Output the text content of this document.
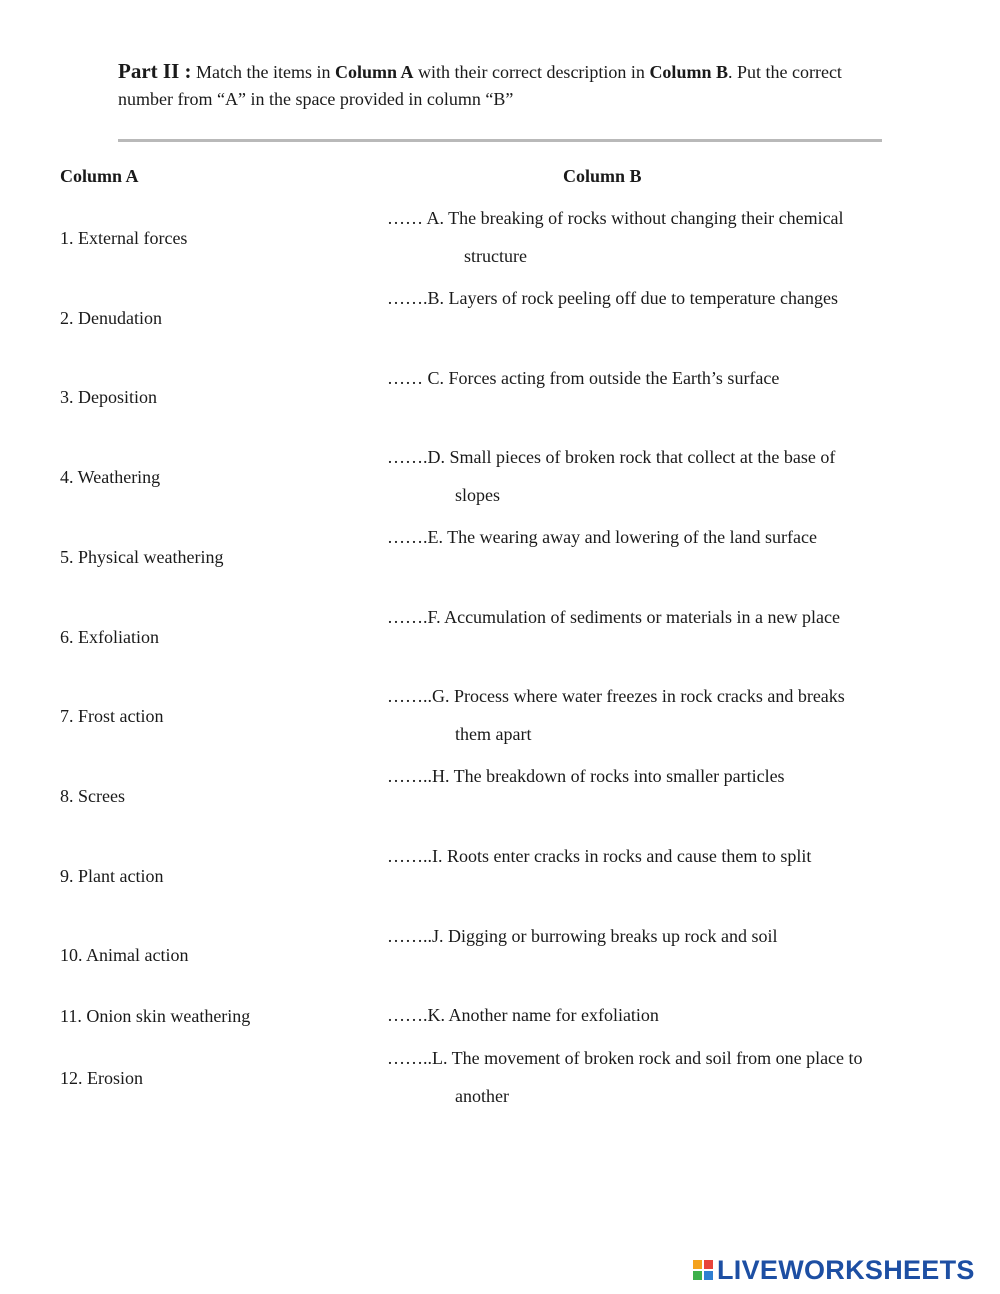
Part II : Match the items in Column A with their correct description in Column B. Put the correct number from “A” in the space provided in column “B”
Column A	Column B
1. External forces
2. Denudation
3. Deposition
4. Weathering
5. Physical weathering
6. Exfoliation
7. Frost action
8. Screes
9. Plant action
10. Animal action
11. Onion skin weathering
12. Erosion
…… A. The breaking of rocks without changing their chemical
structure
…….B. Layers of rock peeling off due to temperature changes
…… C. Forces acting from outside the Earth’s surface
…….D. Small pieces of broken rock that collect at the base of
slopes
…….E. The wearing away and lowering of the land surface
…….F. Accumulation of sediments or materials in a new place
……..G. Process where water freezes in rock cracks and breaks
them apart
……..H. The breakdown of rocks into smaller particles
……..I. Roots enter cracks in rocks and cause them to split
……..J. Digging or burrowing breaks up rock and soil
…….K. Another name for exfoliation
……..L. The movement of broken rock and soil from one place to
another
LIVEWORKSHEETS
